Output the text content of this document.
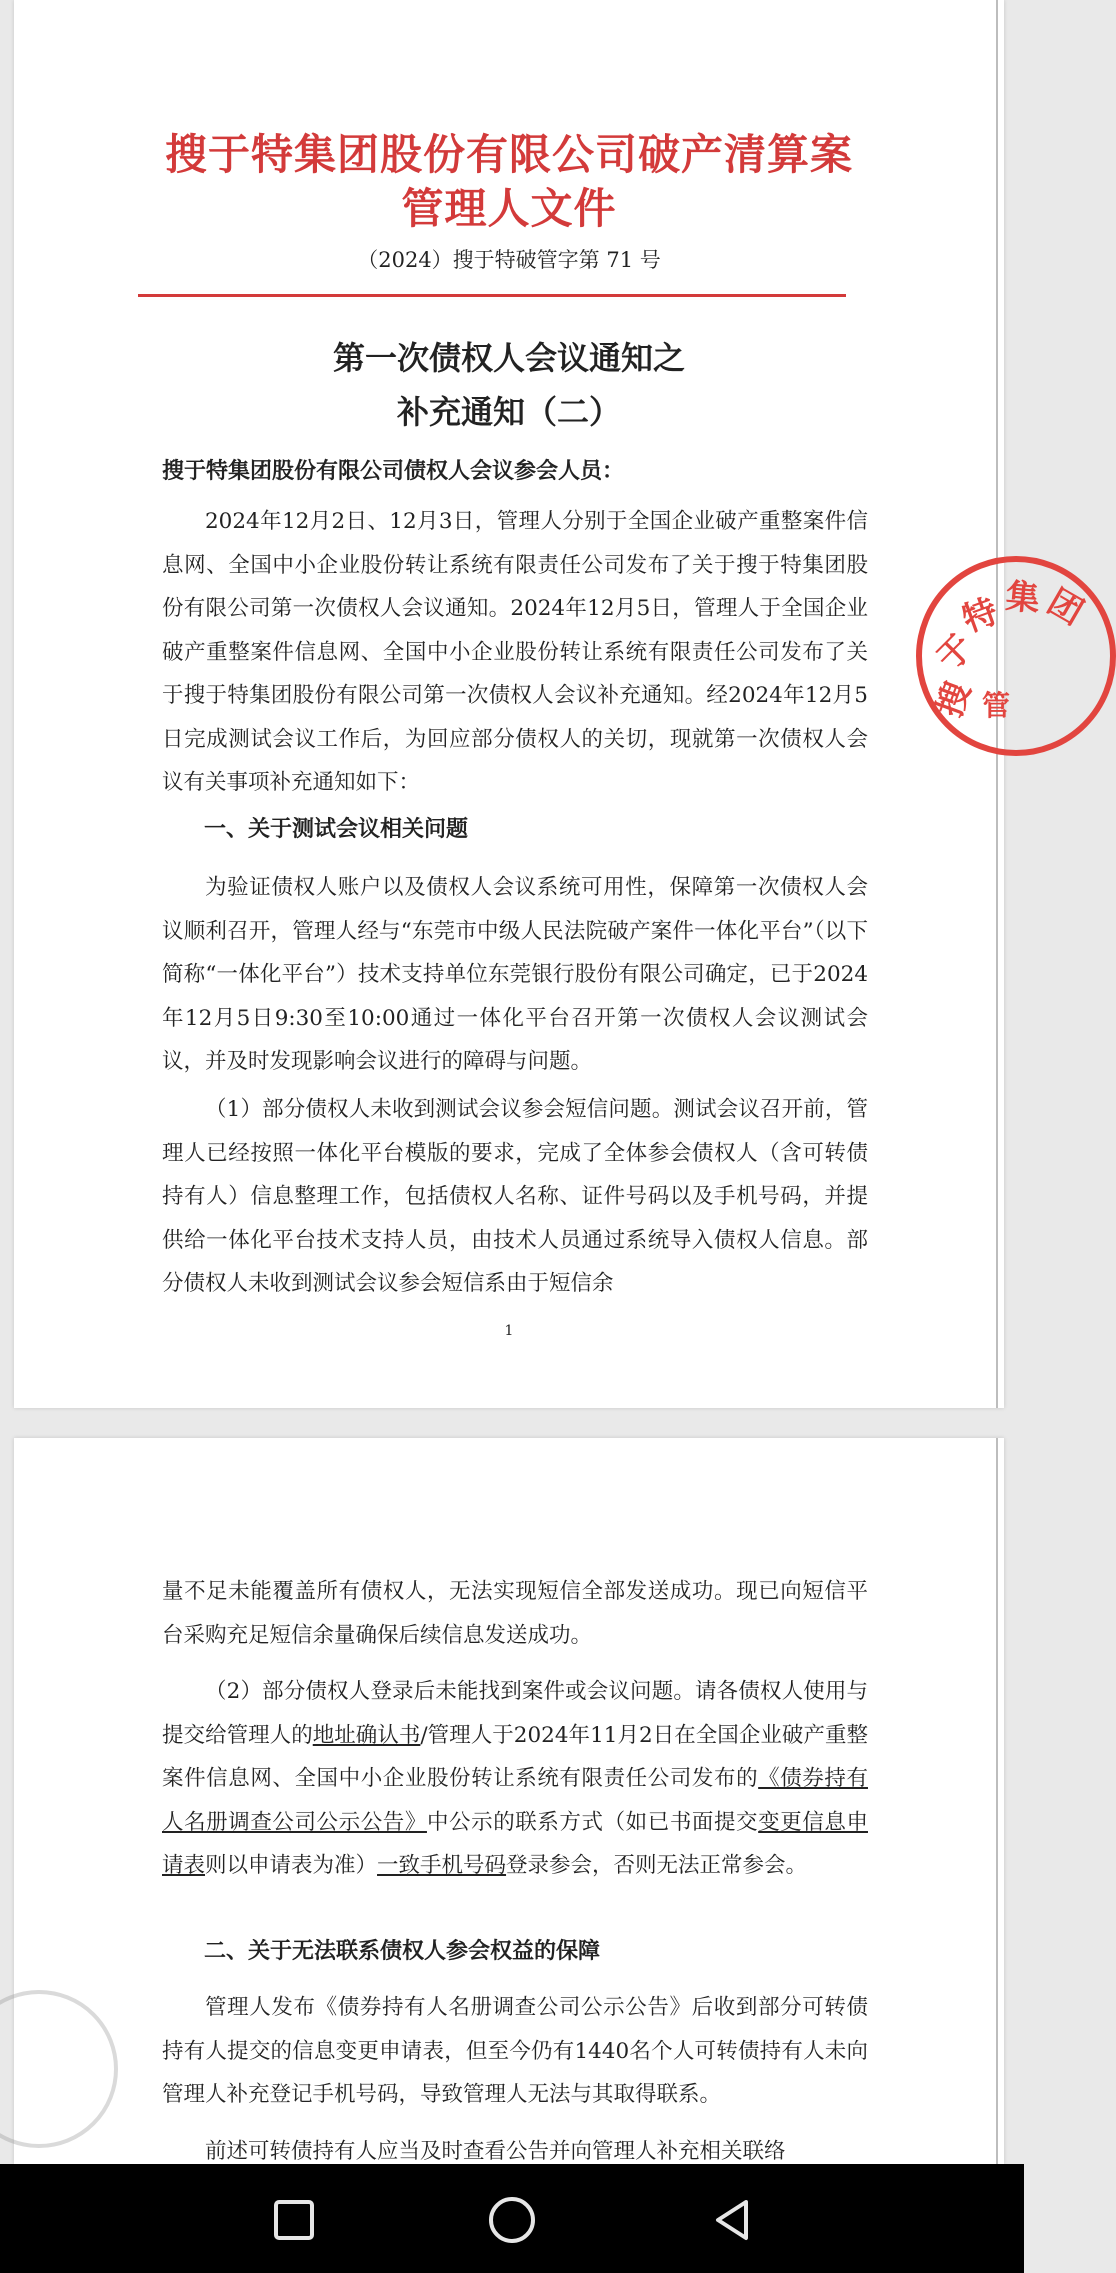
搜于特集团股份有限公司破产清算案
管理人文件
（2024）搜于特破管字第 71 号
第一次债权人会议通知之
补充通知（二）
搜于特集团股份有限公司债权人会议参会人员：

2024年12月2日、12月3日，管理人分别于全国企业破产重整案件信息网、全国中小企业股份转让系统有限责任公司发布了关于搜于特集团股份有限公司第一次债权人会议通知。2024年12月5日，管理人于全国企业破产重整案件信息网、全国中小企业股份转让系统有限责任公司发布了关于搜于特集团股份有限公司第一次债权人会议补充通知。经2024年12月5日完成测试会议工作后，为回应部分债权人的关切，现就第一次债权人会议有关事项补充通知如下：

一、关于测试会议相关问题

为验证债权人账户以及债权人会议系统可用性，保障第一次债权人会议顺利召开，管理人经与“东莞市中级人民法院破产案件一体化平台”（以下简称“一体化平台”）技术支持单位东莞银行股份有限公司确定，已于2024年12月5日9:30至10:00通过一体化平台召开第一次债权人会议测试会议，并及时发现影响会议进行的障碍与问题。

（1）部分债权人未收到测试会议参会短信问题。测试会议召开前，管理人已经按照一体化平台模版的要求，完成了全体参会债权人（含可转债持有人）信息整理工作，包括债权人名称、证件号码以及手机号码，并提供给一体化平台技术支持人员，由技术人员通过系统导入债权人信息。部分债权人未收到测试会议参会短信系由于短信余

1
搜
于
特 集 团
管

量不足未能覆盖所有债权人，无法实现短信全部发送成功。现已向短信平台采购充足短信余量确保后续信息发送成功。

（2）部分债权人登录后未能找到案件或会议问题。请各债权人使用与提交给管理人的地址确认书/管理人于2024年11月2日在全国企业破产重整案件信息网、全国中小企业股份转让系统有限责任公司发布的《债券持有人名册调查公司公示公告》中公示的联系方式（如已书面提交变更信息申请表则以申请表为准）一致手机号码登录参会，否则无法正常参会。

二、关于无法联系债权人参会权益的保障

管理人发布《债券持有人名册调查公司公示公告》后收到部分可转债持有人提交的信息变更申请表，但至今仍有1440名个人可转债持有人未向管理人补充登记手机号码，导致管理人无法与其取得联系。

前述可转债持有人应当及时查看公告并向管理人补充相关联络
